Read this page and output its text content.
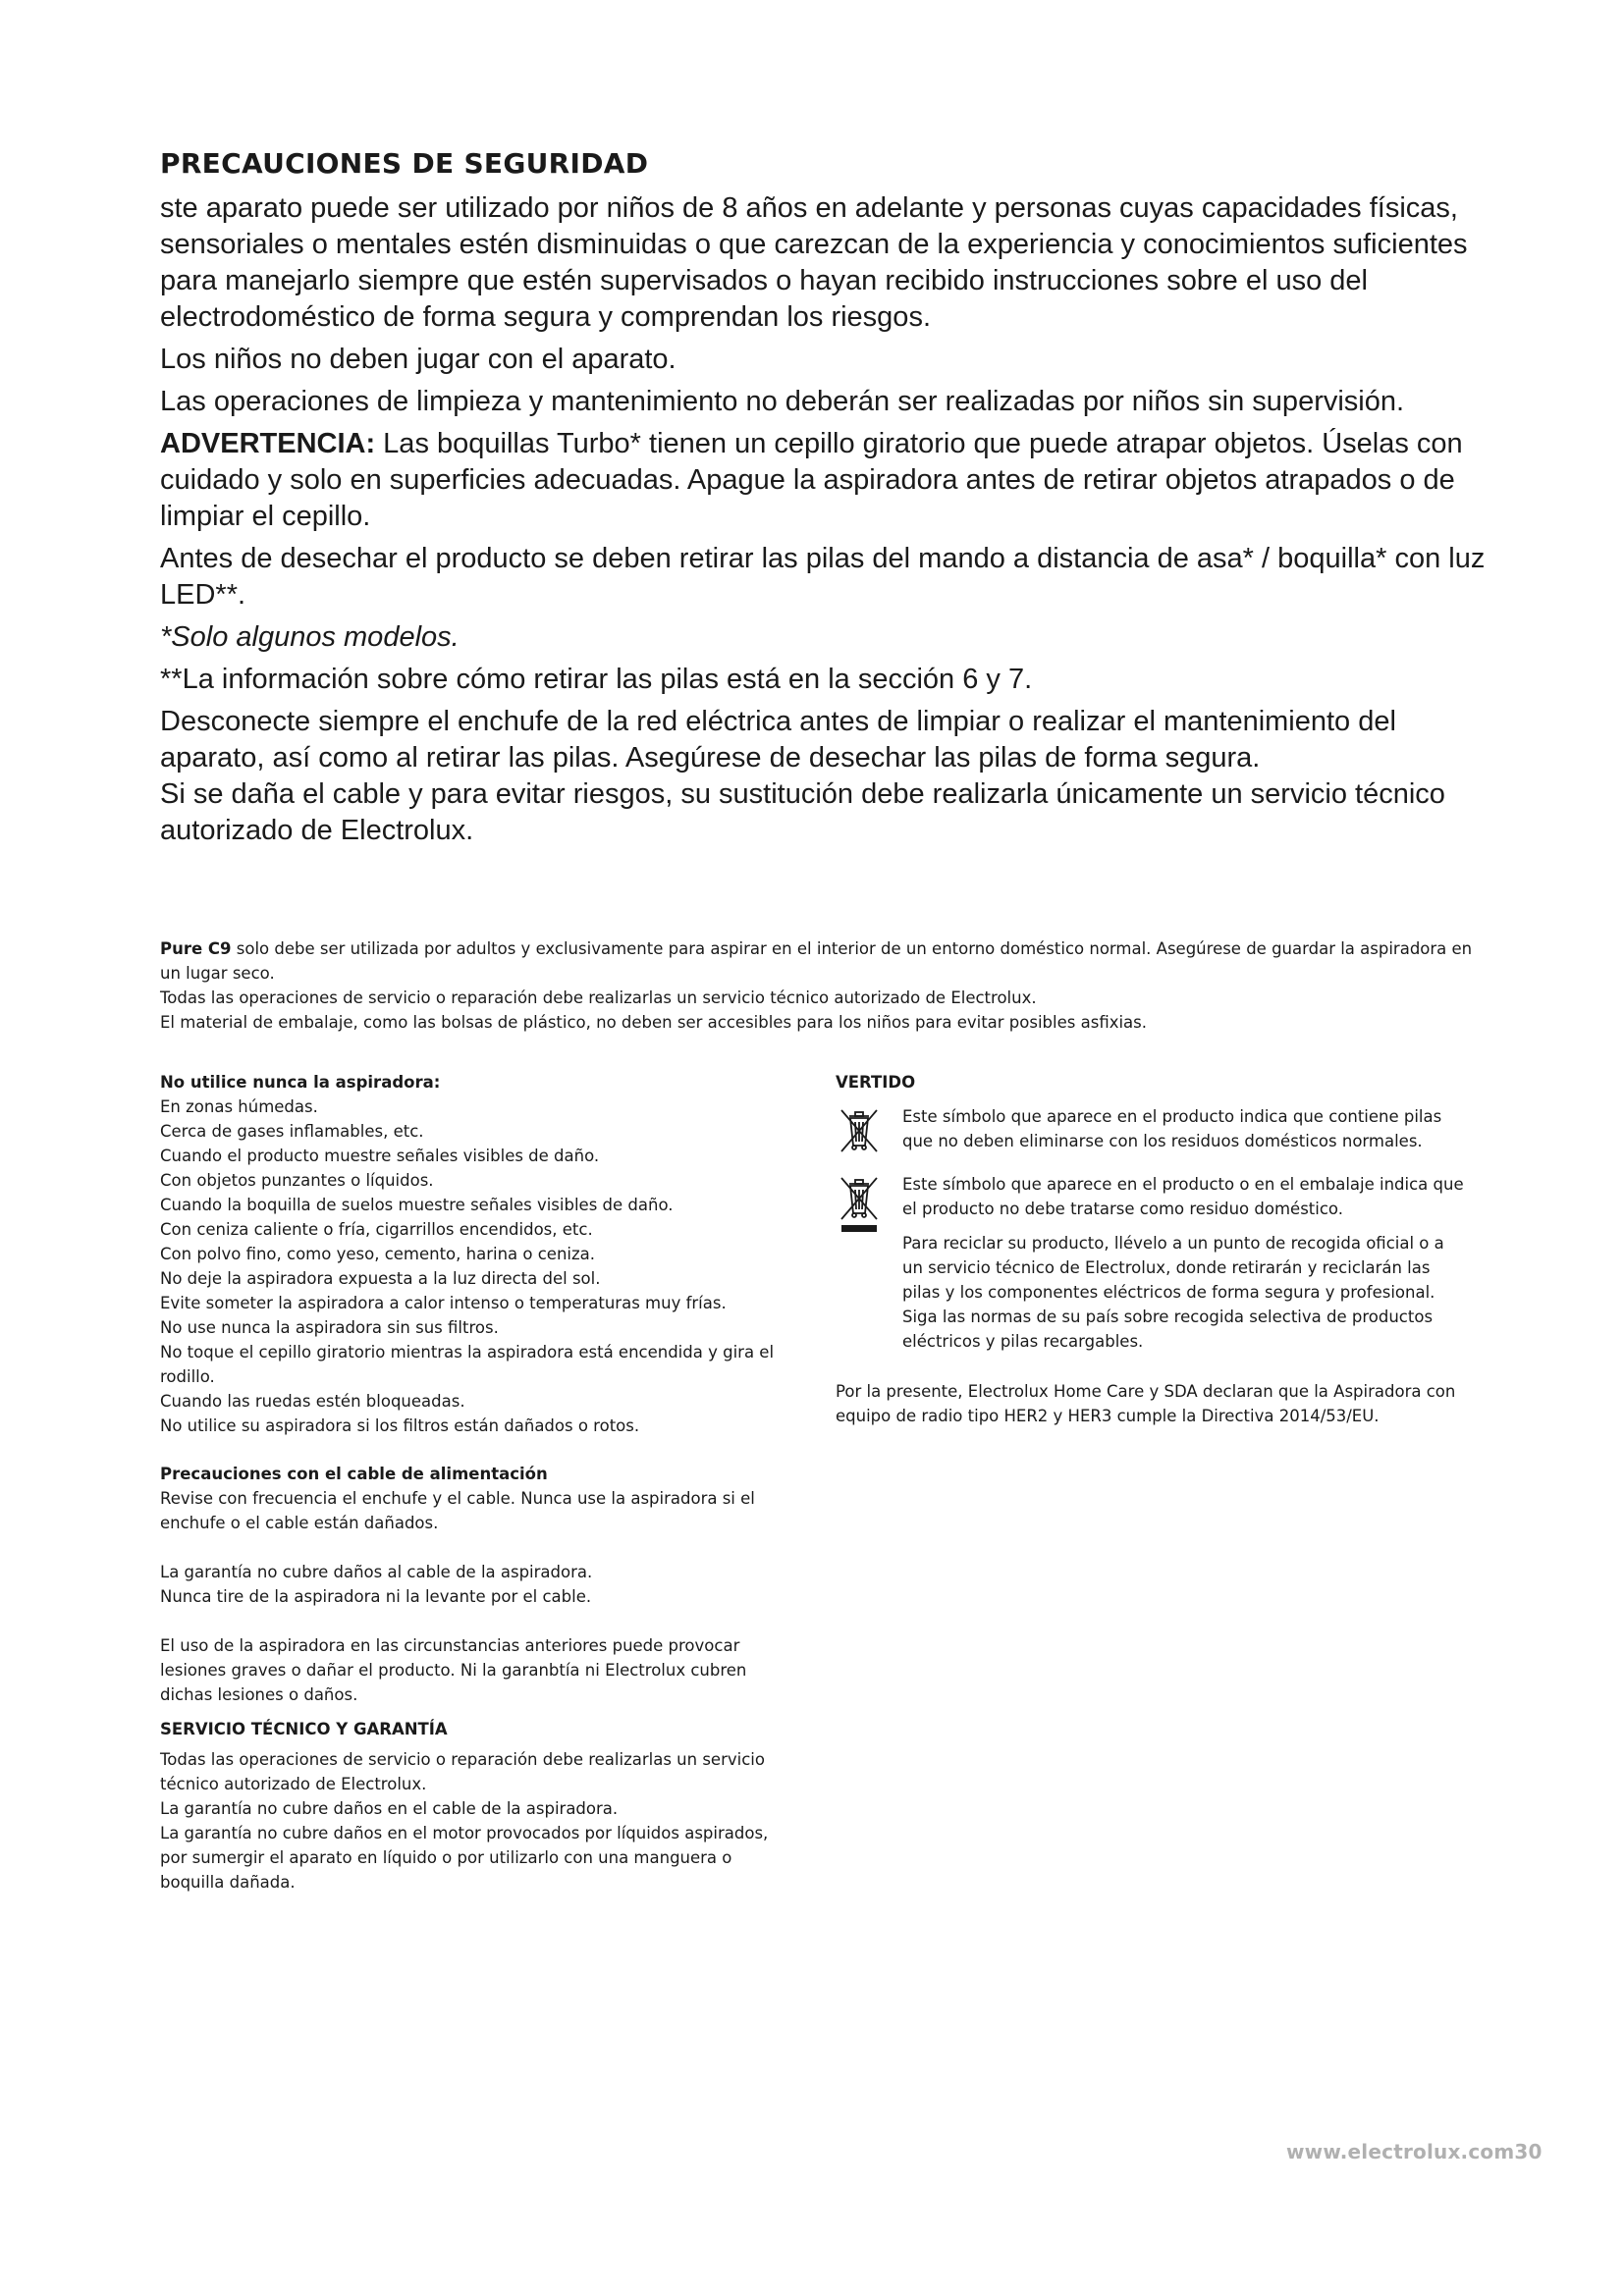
PRECAUCIONES DE SEGURIDAD

ste aparato puede ser utilizado por niños de 8 años en adelante y personas cuyas capacidades físicas, sensoriales o mentales estén disminuidas o que carezcan de la experiencia y conocimientos suficientes para manejarlo siempre que estén supervisados o hayan recibido instrucciones sobre el uso del electrodoméstico de forma segura y comprendan los riesgos.

Los niños no deben jugar con el aparato.

Las operaciones de limpieza y mantenimiento no deberán ser realizadas por niños sin supervisión.

ADVERTENCIA: Las boquillas Turbo* tienen un cepillo giratorio que puede atrapar objetos. Úselas con cuidado y solo en superficies adecuadas. Apague la aspiradora antes de retirar objetos atrapados o de limpiar el cepillo.

Antes de desechar el producto se deben retirar las pilas del mando a distancia de asa* / boquilla* con luz LED**.

*Solo algunos modelos.

**La información sobre cómo retirar las pilas está en la sección 6 y 7.

Desconecte siempre el enchufe de la red eléctrica antes de limpiar o realizar el mantenimiento del aparato, así como al retirar las pilas. Asegúrese de desechar las pilas de forma segura.

Si se daña el cable y para evitar riesgos, su sustitución debe realizarla únicamente un servicio técnico autorizado de Electrolux.

Pure C9 solo debe ser utilizada por adultos y exclusivamente para aspirar en el interior de un entorno doméstico normal. Asegúrese de guardar la aspiradora en un lugar seco.

Todas las operaciones de servicio o reparación debe realizarlas un servicio técnico autorizado de Electrolux.

El material de embalaje, como las bolsas de plástico, no deben ser accesibles para los niños para evitar posibles asfixias.

No utilice nunca la aspiradora:

En zonas húmedas.
Cerca de gases inflamables, etc.
Cuando el producto muestre señales visibles de daño.
Con objetos punzantes o líquidos.
Cuando la boquilla de suelos muestre señales visibles de daño.
Con ceniza caliente o fría, cigarrillos encendidos, etc.
Con polvo fino, como yeso, cemento, harina o ceniza.
No deje la aspiradora expuesta a la luz directa del sol.
Evite someter la aspiradora a calor intenso o temperaturas muy frías.
No use nunca la aspiradora sin sus filtros.
No toque el cepillo giratorio mientras la aspiradora está encendida y gira el rodillo.
Cuando las ruedas estén bloqueadas.
No utilice su aspiradora si los filtros están dañados o rotos.

Precauciones con el cable de alimentación

Revise con frecuencia el enchufe y el cable. Nunca use la aspiradora si el enchufe o el cable están dañados.

La garantía no cubre daños al cable de la aspiradora.

Nunca tire de la aspiradora ni la levante por el cable.

El uso de la aspiradora en las circunstancias anteriores puede provocar lesiones graves o dañar el producto. Ni la garanbtía ni Electrolux cubren dichas lesiones o daños.

SERVICIO TÉCNICO Y GARANTÍA

Todas las operaciones de servicio o reparación debe realizarlas un servicio técnico autorizado de Electrolux.

La garantía no cubre daños en el cable de la aspiradora.

La garantía no cubre daños en el motor provocados por líquidos aspirados, por sumergir el aparato en líquido o por utilizarlo con una manguera o boquilla dañada.

VERTIDO

Este símbolo que aparece en el producto indica que contiene pilas que no deben eliminarse con los residuos domésticos normales.

Este símbolo que aparece en el producto o en el embalaje indica que el producto no debe tratarse como residuo doméstico.

Para reciclar su producto, llévelo a un punto de recogida oficial o a un servicio técnico de Electrolux, donde retirarán y reciclarán las pilas y los componentes eléctricos de forma segura y profesional. Siga las normas de su país sobre recogida selectiva de productos eléctricos y pilas recargables.

Por la presente, Electrolux Home Care y SDA declaran que la Aspiradora con equipo de radio tipo HER2 y HER3 cumple la Directiva 2014/53/EU.

www.electrolux.com30
